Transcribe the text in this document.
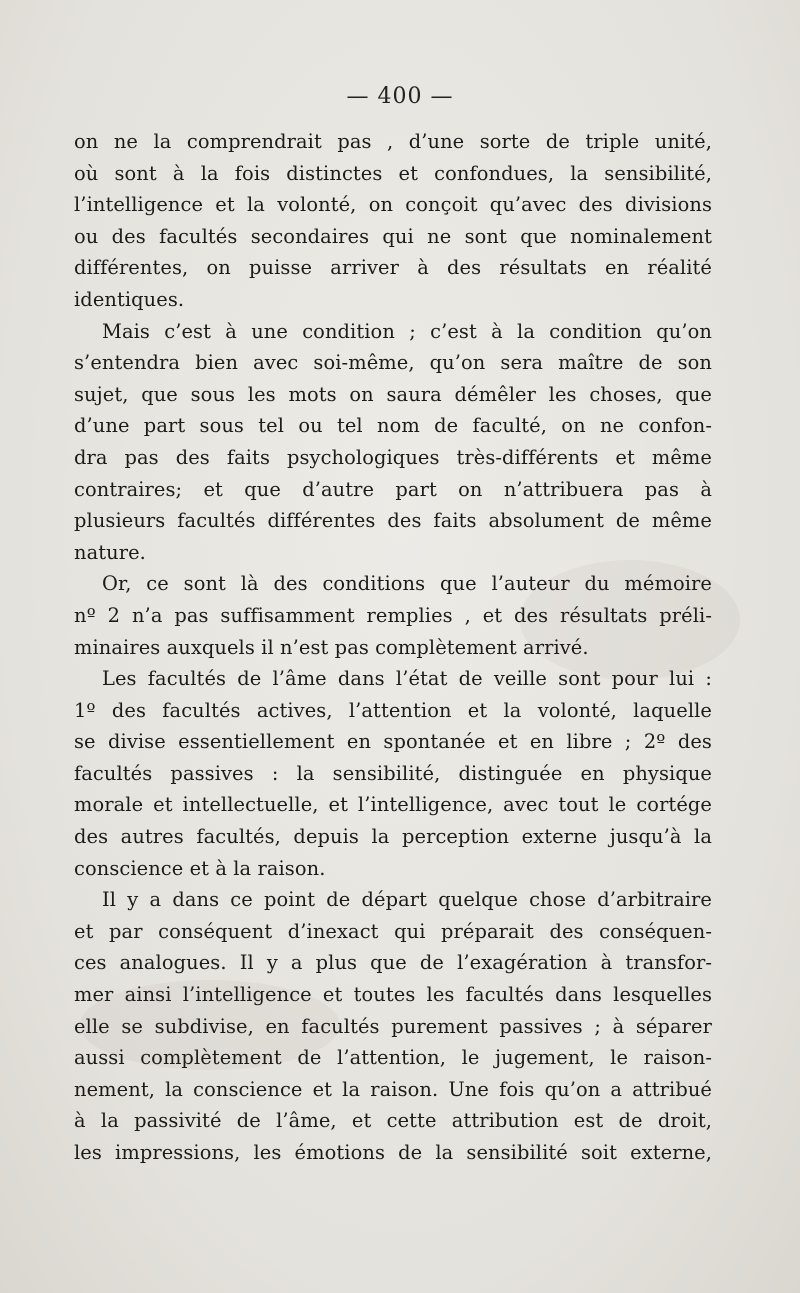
— 400 —
on ne la comprendrait pas , d’une sorte de triple unité,
où sont à la fois distinctes et confondues, la sensibilité,
l’intelligence et la volonté, on conçoit qu’avec des divisions
ou des facultés secondaires qui ne sont que nominalement
différentes, on puisse arriver à des résultats en réalité
identiques.
Mais c’est à une condition ; c’est à la condition qu’on
s’entendra bien avec soi-même, qu’on sera maître de son
sujet, que sous les mots on saura démêler les choses, que
d’une part sous tel ou tel nom de faculté, on ne confon-
dra pas des faits psychologiques très-différents et même
contraires; et que d’autre part on n’attribuera pas à
plusieurs facultés différentes des faits absolument de même
nature.
Or, ce sont là des conditions que l’auteur du mémoire
nº 2 n’a pas suffisamment remplies , et des résultats préli-
minaires auxquels il n’est pas complètement arrivé.
Les facultés de l’âme dans l’état de veille sont pour lui :
1º des facultés actives, l’attention et la volonté, laquelle
se divise essentiellement en spontanée et en libre ; 2º des
facultés passives : la sensibilité, distinguée en physique
morale et intellectuelle, et l’intelligence, avec tout le cortége
des autres facultés, depuis la perception externe jusqu’à la
conscience et à la raison.
Il y a dans ce point de départ quelque chose d’arbitraire
et par conséquent d’inexact qui préparait des conséquen-
ces analogues. Il y a plus que de l’exagération à transfor-
mer ainsi l’intelligence et toutes les facultés dans lesquelles
elle se subdivise, en facultés purement passives ; à séparer
aussi complètement de l’attention, le jugement, le raison-
nement, la conscience et la raison. Une fois qu’on a attribué
à la passivité de l’âme, et cette attribution est de droit,
les impressions, les émotions de la sensibilité soit externe,
